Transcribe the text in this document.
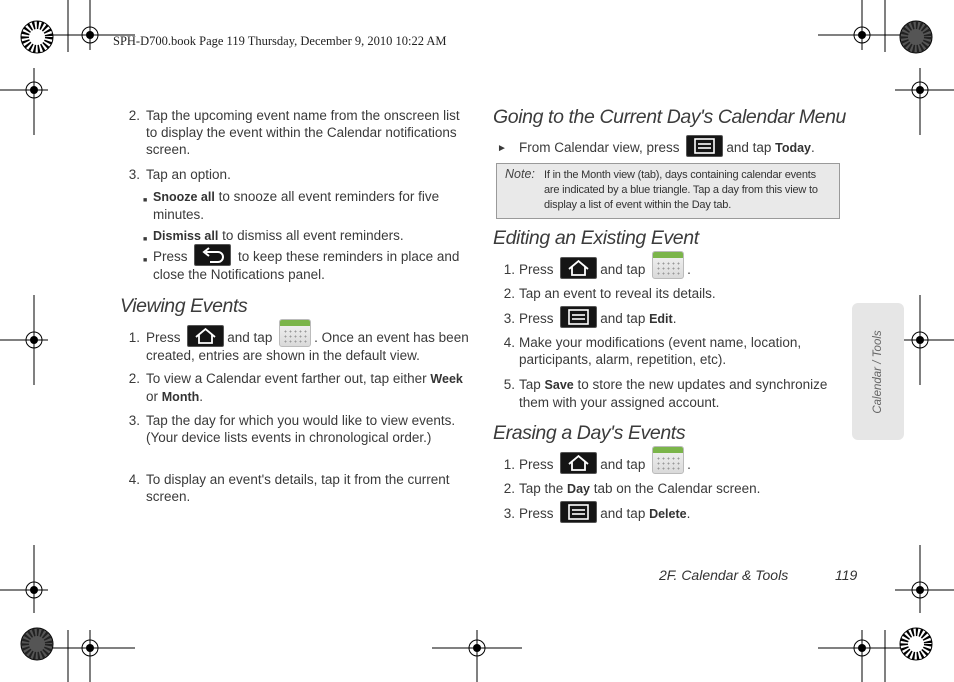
SPH-D700.book Page 119 Thursday, December 9, 2010 10:22 AM
2. Tap the upcoming event name from the onscreen list to display the event within the Calendar notifications screen.
3. Tap an option.
■ Snooze all to snooze all event reminders for five minutes.
■ Dismiss all to dismiss all event reminders.
■ Press	to keep these reminders in place and close the Notifications panel.
Viewing Events
1. Press	and tap	. Once an event has been created, entries are shown in the default view.
2. To view a Calendar event farther out, tap either Week or Month.
3. Tap the day for which you would like to view events. (Your device lists events in chronological order.)
4. To display an event's details, tap it from the current screen.
Going to the Current Day's Calendar Menu
► From Calendar view, press	and tap Today.
Note: If in the Month view (tab), days containing calendar events are indicated by a blue triangle. Tap a day from this view to display a list of event within the Day tab.
Editing an Existing Event
1. Press	and tap	.
2. Tap an event to reveal its details.
3. Press	and tap Edit.
4. Make your modifications (event name, location, participants, alarm, repetition, etc).
5. Tap Save to store the new updates and synchronize them with your assigned account.
Erasing a Day's Events
1. Press	and tap	.
2. Tap the Day tab on the Calendar screen.
3. Press	and tap Delete.
Calendar / Tools
2F. Calendar & Tools	119
